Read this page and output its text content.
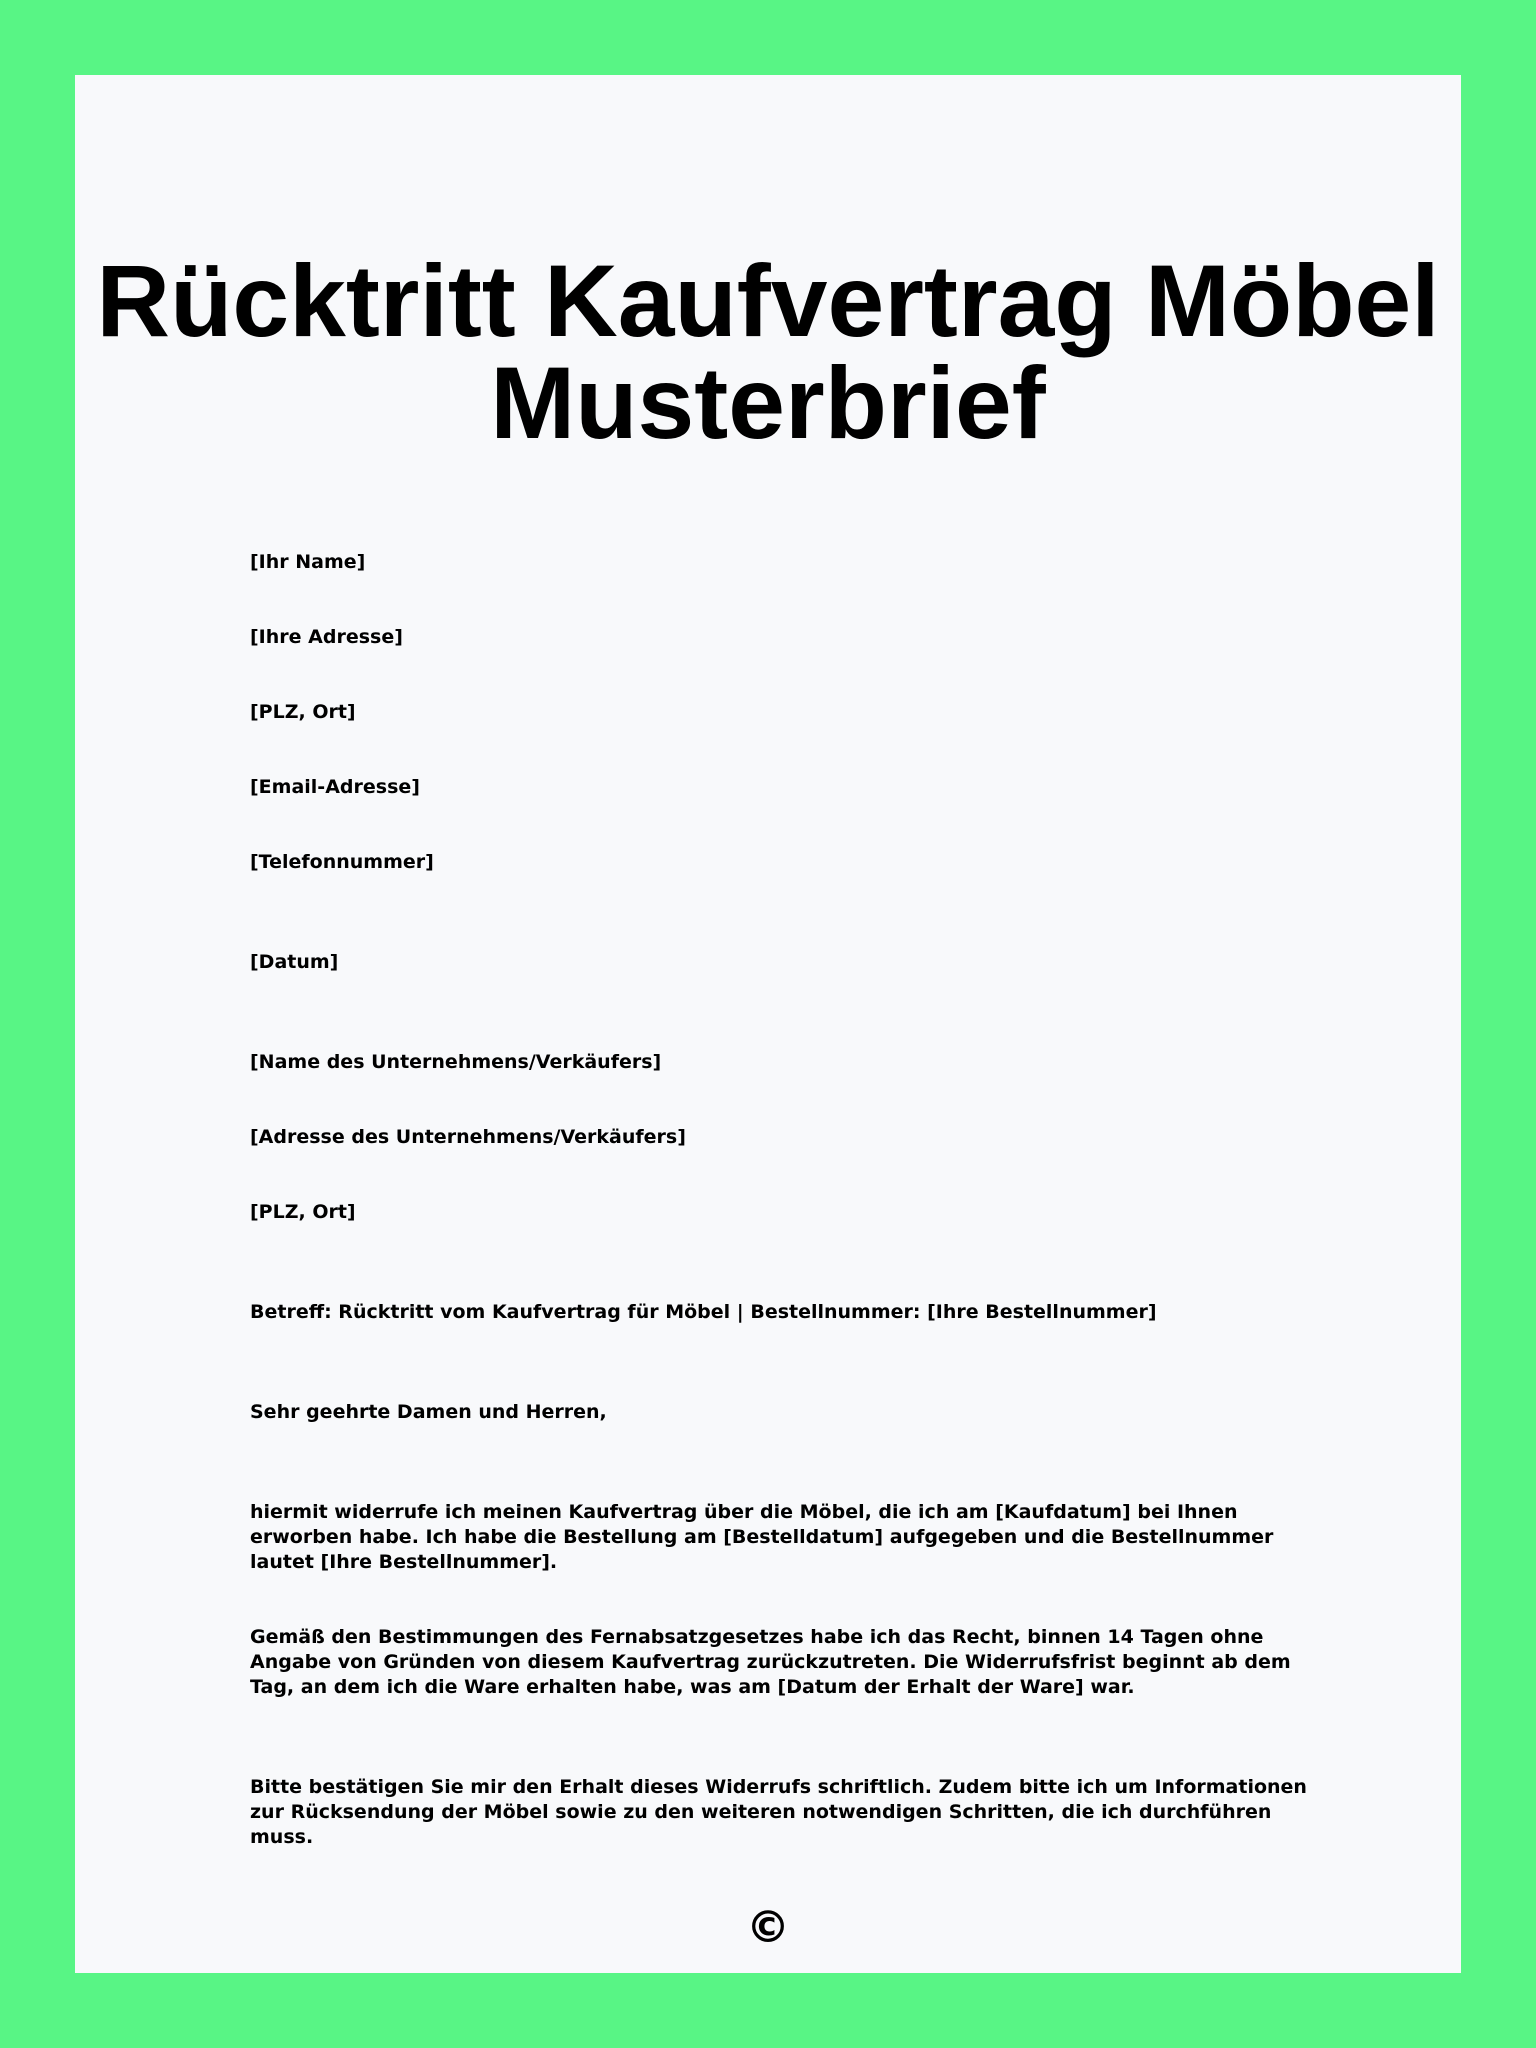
Rücktritt Kaufvertrag Möbel
Musterbrief

[Ihr Name]

[Ihre Adresse]

[PLZ, Ort]

[Email-Adresse]

[Telefonnummer]

[Datum]

[Name des Unternehmens/Verkäufers]

[Adresse des Unternehmens/Verkäufers]

[PLZ, Ort]

Betreff: Rücktritt vom Kaufvertrag für Möbel | Bestellnummer: [Ihre Bestellnummer]

Sehr geehrte Damen und Herren,

hiermit widerrufe ich meinen Kaufvertrag über die Möbel, die ich am [Kaufdatum] bei Ihnen erworben habe. Ich habe die Bestellung am [Bestelldatum] aufgegeben und die Bestellnummer lautet [Ihre Bestellnummer].

Gemäß den Bestimmungen des Fernabsatzgesetzes habe ich das Recht, binnen 14 Tagen ohne Angabe von Gründen von diesem Kaufvertrag zurückzutreten. Die Widerrufsfrist beginnt ab dem Tag, an dem ich die Ware erhalten habe, was am [Datum der Erhalt der Ware] war.

Bitte bestätigen Sie mir den Erhalt dieses Widerrufs schriftlich. Zudem bitte ich um Informationen zur Rücksendung der Möbel sowie zu den weiteren notwendigen Schritten, die ich durchführen muss.

©
